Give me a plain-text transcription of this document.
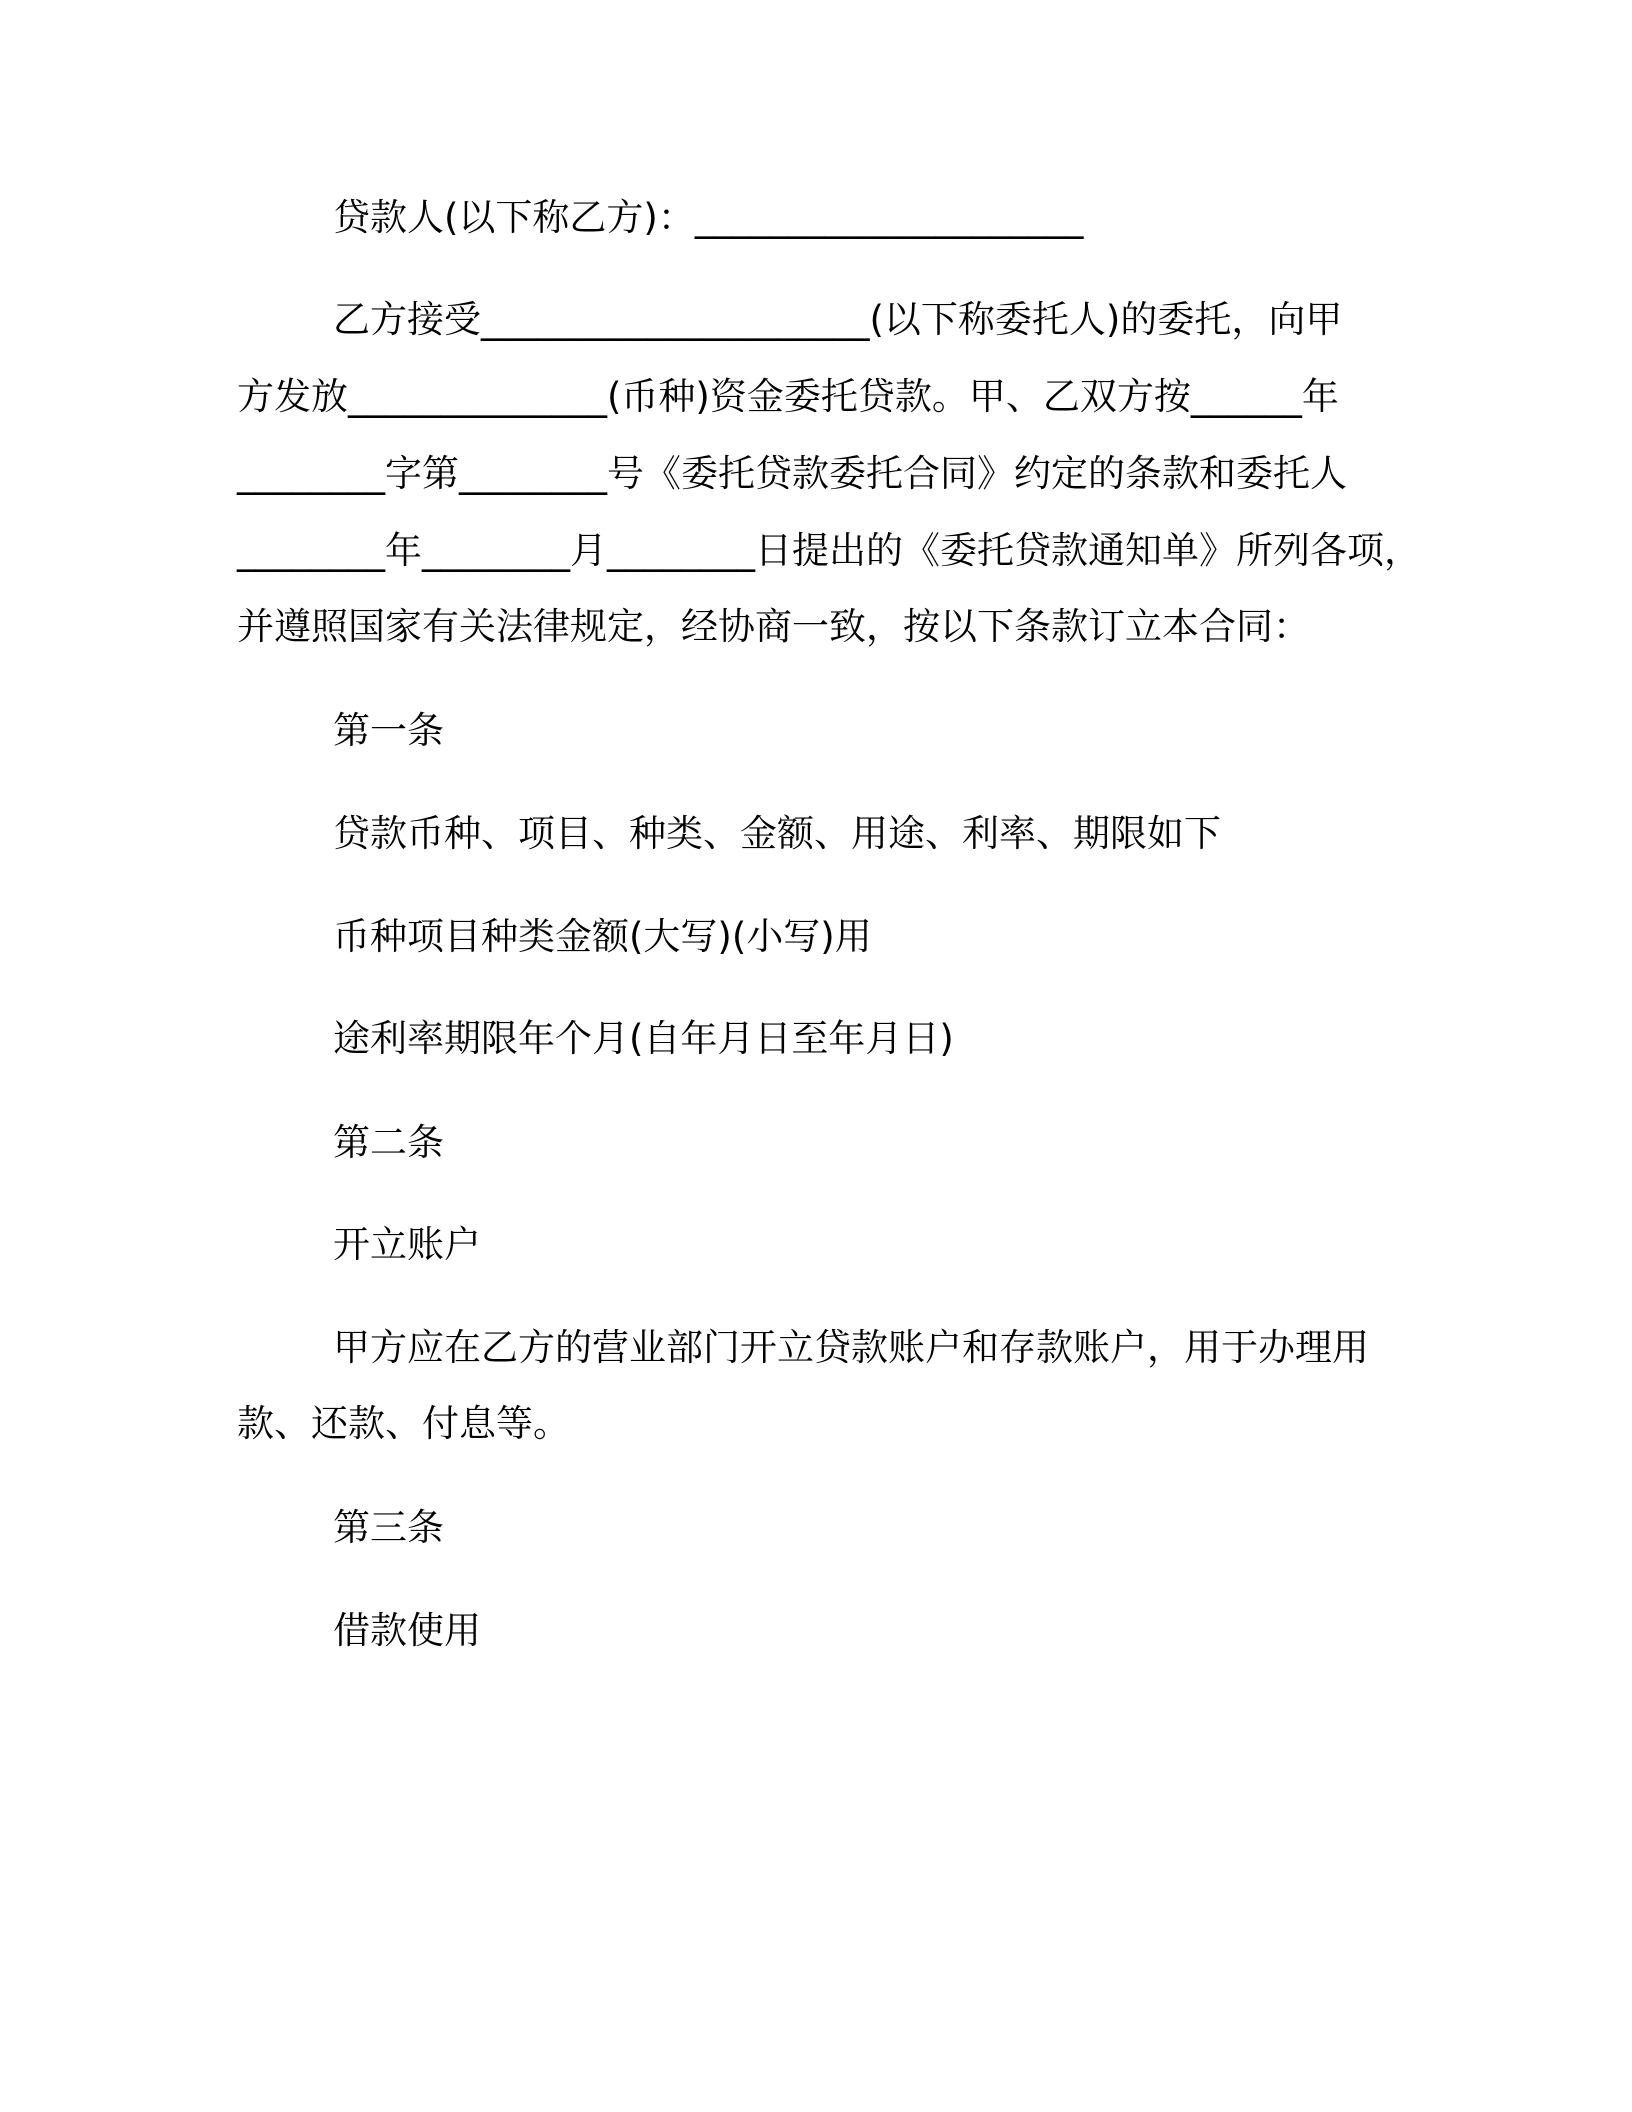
贷款人(以下称乙方)：_____________________
乙方接受_____________________(以下称委托人)的委托，向甲
方发放______________(币种)资金委托贷款。甲、乙双方按______年
________字第________号《委托贷款委托合同》约定的条款和委托人
________年________月________日提出的《委托贷款通知单》所列各项，
并遵照国家有关法律规定，经协商一致，按以下条款订立本合同：
第一条
贷款币种、项目、种类、金额、用途、利率、期限如下
币种项目种类金额(大写)(小写)用
途利率期限年个月(自年月日至年月日)
第二条
开立账户
甲方应在乙方的营业部门开立贷款账户和存款账户，用于办理用
款、还款、付息等。
第三条
借款使用
